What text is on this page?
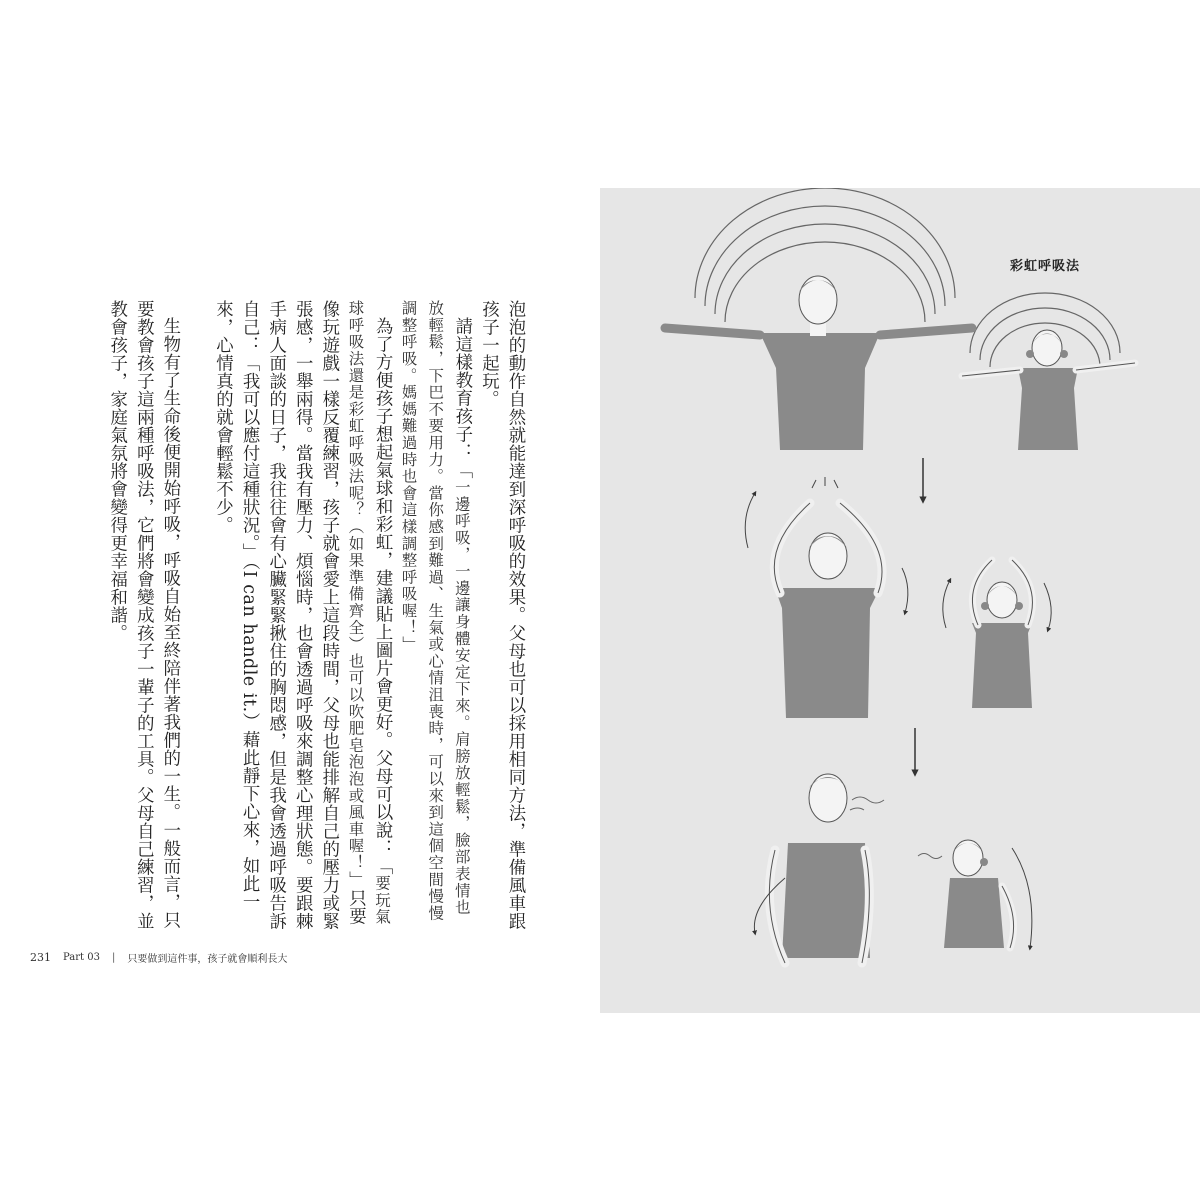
泡泡的動作自然就能達到深呼吸的效果。父母也可以採用相同方法，準備風車跟孩子一起玩。

請這樣教育孩子：「一邊呼吸，一邊讓身體安定下來。肩膀放輕鬆，臉部表情也放輕鬆，下巴不要用力。當你感到難過、生氣或心情沮喪時，可以來到這個空間慢慢調整呼吸。媽媽難過時也會這樣調整呼吸喔！」

為了方便孩子想起氣球和彩虹，建議貼上圖片會更好。父母可以說：「要玩氣球呼吸法還是彩虹呼吸法呢？（如果準備齊全）也可以吹肥皂泡泡或風車喔！」只要像玩遊戲一樣反覆練習，孩子就會愛上這段時間，父母也能排解自己的壓力或緊張感，一舉兩得。當我有壓力、煩惱時，也會透過呼吸來調整心理狀態。要跟棘手病人面談的日子，我往往會有心臟緊緊揪住的胸悶感，但是我會透過呼吸告訴自己：「我可以應付這種狀況。」（I can handle it.）藉此靜下心來，如此一來，心情真的就會輕鬆不少。

生物有了生命後便開始呼吸，呼吸自始至終陪伴著我們的一生。一般而言，只要教會孩子這兩種呼吸法，它們將會變成孩子一輩子的工具。父母自己練習，並教會孩子，家庭氣氛將會變得更幸福和諧。

231 Part 03 | 只要做到這件事，孩子就會順利長大
彩虹呼吸法
